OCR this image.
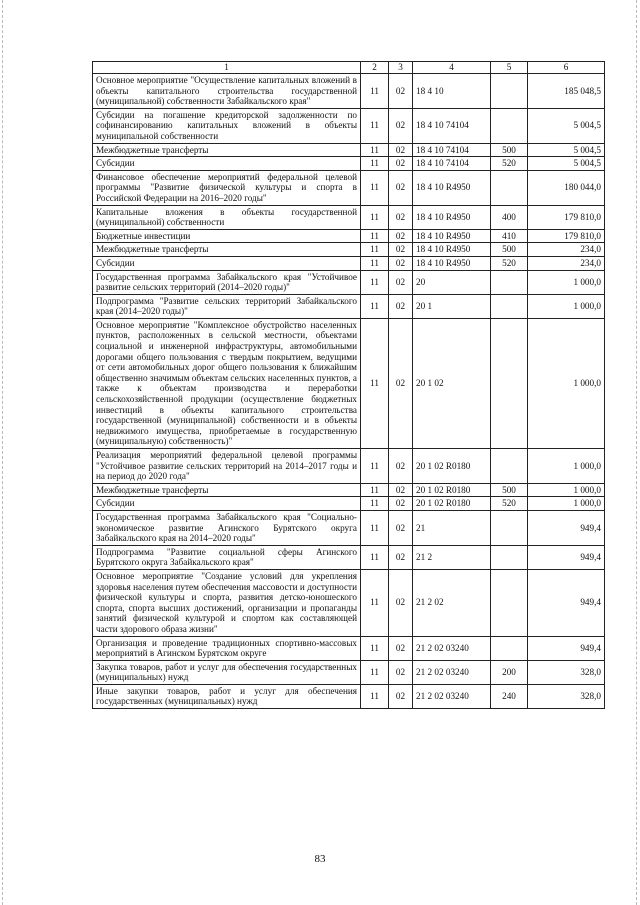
1	2	3	4	5	6
Основное мероприятие "Осуществление капитальных вложений в объекты капитального строительства государственной (муниципальной) собственности Забайкальского края"	11	02	18 4 10		185 048,5
Субсидии на погашение кредиторской задолженности по софинансированию капитальных вложений в объекты муниципальной собственности	11	02	18 4 10 74104		5 004,5
Межбюджетные трансферты	11	02	18 4 10 74104	500	5 004,5
Субсидии	11	02	18 4 10 74104	520	5 004,5
Финансовое обеспечение мероприятий федеральной целевой программы "Развитие физической культуры и спорта в Российской Федерации на 2016–2020 годы"	11	02	18 4 10 R4950		180 044,0
Капитальные вложения в объекты государственной (муниципальной) собственности	11	02	18 4 10 R4950	400	179 810,0
Бюджетные инвестиции	11	02	18 4 10 R4950	410	179 810,0
Межбюджетные трансферты	11	02	18 4 10 R4950	500	234,0
Субсидии	11	02	18 4 10 R4950	520	234,0
Государственная программа Забайкальского края "Устойчивое развитие сельских территорий (2014–2020 годы)"	11	02	20		1 000,0
Подпрограмма "Развитие сельских территорий Забайкальского края (2014–2020 годы)"	11	02	20 1		1 000,0
Основное мероприятие "Комплексное обустройство населенных пунктов, расположенных в сельской местности, объектами социальной и инженерной инфраструктуры, автомобильными дорогами общего пользования с твердым покрытием, ведущими от сети автомобильных дорог общего пользования к ближайшим общественно значимым объектам сельских населенных пунктов, а также к объектам производства и переработки сельскохозяйственной продукции (осуществление бюджетных инвестиций в объекты капитального строительства государственной (муниципальной) собственности и в объекты недвижимого имущества, приобретаемые в государственную (муниципальную) собственность)"	11	02	20 1 02		1 000,0
Реализация мероприятий федеральной целевой программы "Устойчивое развитие сельских территорий на 2014–2017 годы и на период до 2020 года"	11	02	20 1 02 R0180		1 000,0
Межбюджетные трансферты	11	02	20 1 02 R0180	500	1 000,0
Субсидии	11	02	20 1 02 R0180	520	1 000,0
Государственная программа Забайкальского края "Социально-экономическое развитие Агинского Бурятского округа Забайкальского края на 2014–2020 годы"	11	02	21		949,4
Подпрограмма "Развитие социальной сферы Агинского Бурятского округа Забайкальского края"	11	02	21 2		949,4
Основное мероприятие "Создание условий для укрепления здоровья населения путем обеспечения массовости и доступности физической культуры и спорта, развития детско-юношеского спорта, спорта высших достижений, организации и пропаганды занятий физической культурой и спортом как составляющей части здорового образа жизни"	11	02	21 2 02		949,4
Организация и проведение традиционных спортивно-массовых мероприятий в Агинском Бурятском округе	11	02	21 2 02 03240		949,4
Закупка товаров, работ и услуг для обеспечения государственных (муниципальных) нужд	11	02	21 2 02 03240	200	328,0
Иные закупки товаров, работ и услуг для обеспечения государственных (муниципальных) нужд	11	02	21 2 02 03240	240	328,0
83
